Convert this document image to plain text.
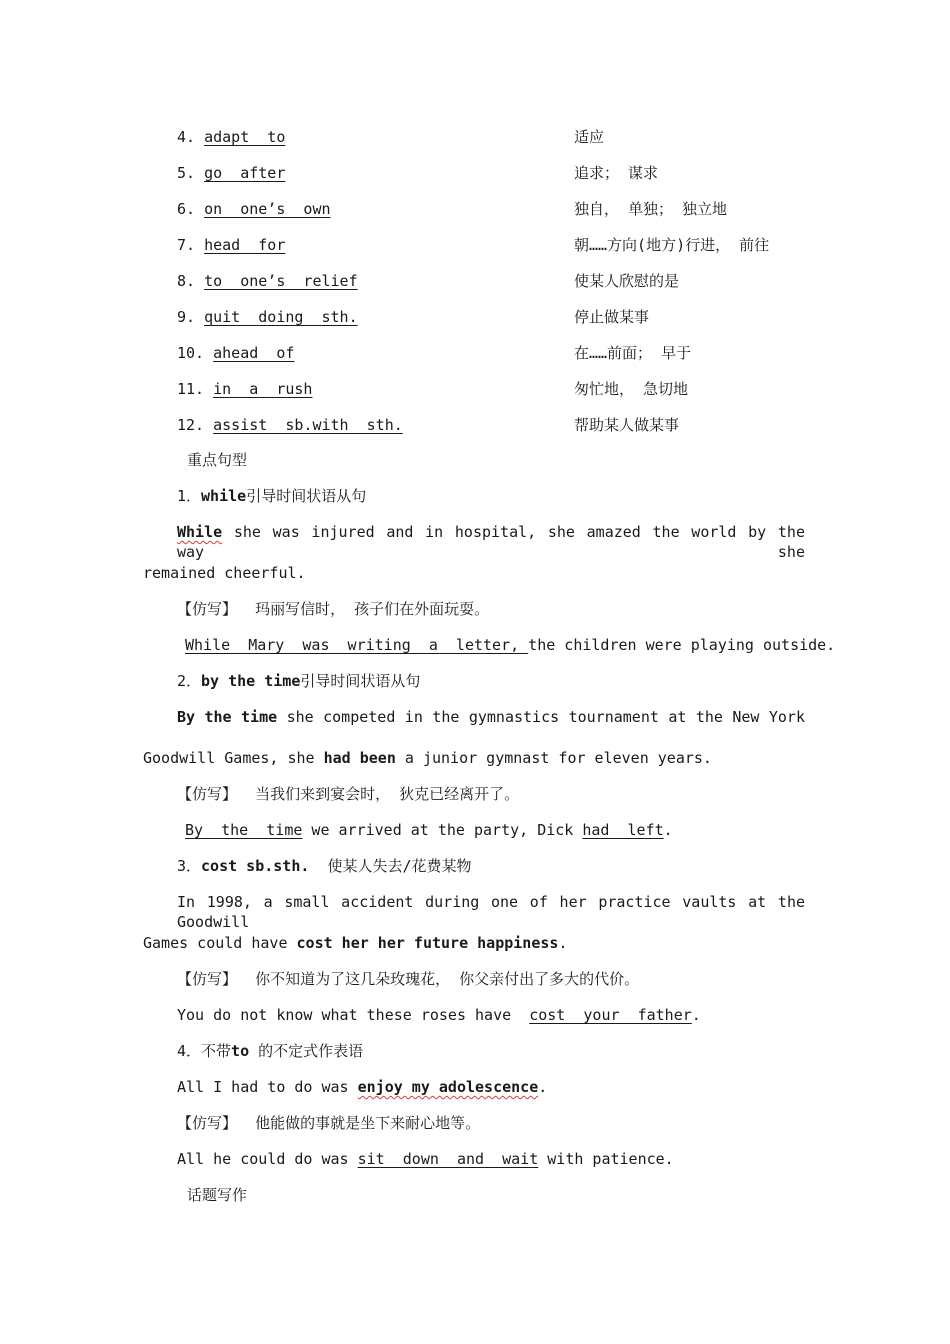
4. adapt  to	适应
5. go  after	追求； 谋求
6. on  one’s  own	独自， 单独； 独立地
7. head  for	朝……方向(地方)行进， 前往
8. to  one’s  relief	使某人欣慰的是
9. quit  doing  sth.	停止做某事
10. ahead  of	在……前面； 早于
11. in  a  rush	匆忙地， 急切地
12. assist  sb.with  sth.	帮助某人做某事
重点句型
1．while引导时间状语从句
While she was injured and in hospital, she amazed the world by the way she
remained cheerful.
【仿写】 玛丽写信时， 孩子们在外面玩耍。
While  Mary  was  writing  a  letter, the children were playing outside.
2．by the time引导时间状语从句
By the time she competed in the gymnastics tournament at the New York
Goodwill Games, she had been a junior gymnast for eleven years.
【仿写】 当我们来到宴会时， 狄克已经离开了。
By  the  time we arrived at the party, Dick had  left.
3．cost sb.sth.  使某人失去/花费某物
In 1998, a small accident during one of her practice vaults at the Goodwill
Games could have cost her her future happiness.
【仿写】 你不知道为了这几朵玫瑰花， 你父亲付出了多大的代价。
You do not know what these roses have  cost  your  father.
4．不带to 的不定式作表语
All I had to do was enjoy my adolescence.
【仿写】 他能做的事就是坐下来耐心地等。
All he could do was sit  down  and  wait with patience.
话题写作
